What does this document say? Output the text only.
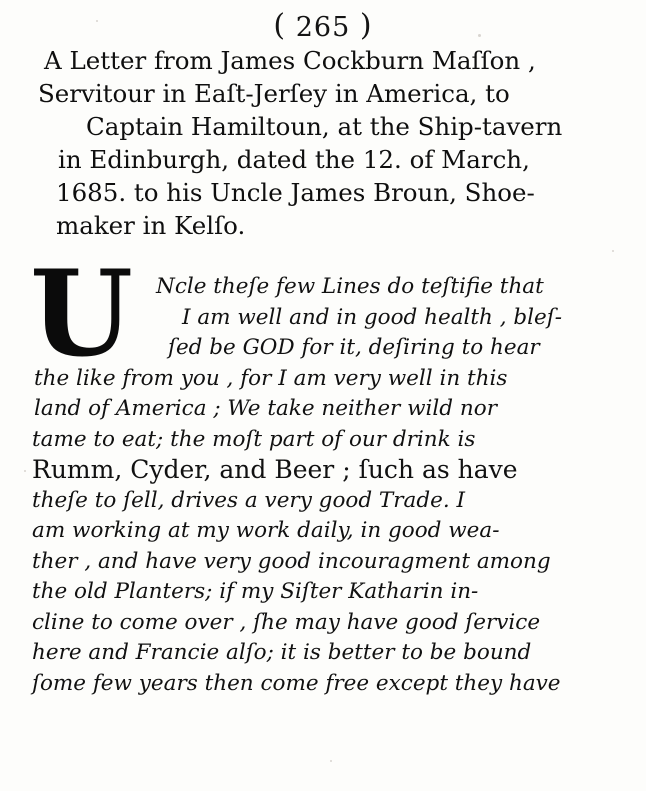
( 265 )
A Letter from James Cockburn Maſſon ,
Servitour in Eaſt-Jerſey in America, to
Captain Hamiltoun, at the Ship-tavern
in Edinburgh, dated the 12. of March,
1685. to his Uncle James Broun, Shoe-
maker in Kelſo.
U	Ncle theſe few Lines do teſtifie that
I am well and in good health , bleſ-
ſed be GOD for it, deſiring to hear
the like from you , for I am very well in this
land of America ; We take neither wild nor
tame to eat; the moſt part of our drink is
Rumm, Cyder, and Beer ; ſuch as have
theſe to ſell, drives a very good Trade. I
am working at my work daily, in good wea-
ther , and have very good incouragment among
the old Planters; if my Siſter Katharin in-
cline to come over , ſhe may have good ſervice
here and Francie alſo; it is better to be bound
ſome few years then come free except they have
